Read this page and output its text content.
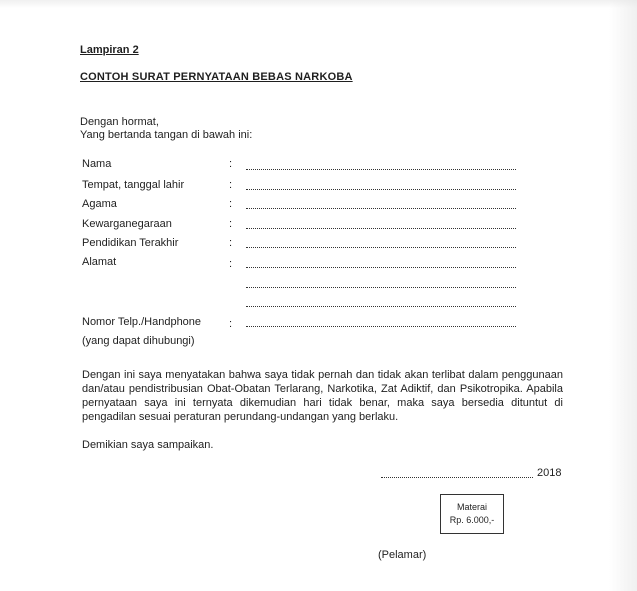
Lampiran 2
CONTOH SURAT PERNYATAAN BEBAS NARKOBA
Dengan hormat,
Yang bertanda tangan di bawah ini:
Nama	:
Tempat, tanggal lahir	:
Agama	:
Kewarganegaraan	:
Pendidikan Terakhir	:
Alamat	:
Nomor Telp./Handphone	:
(yang dapat dihubungi)
Dengan ini saya menyatakan bahwa saya tidak pernah dan tidak akan terlibat dalam penggunaan dan/atau pendistribusian Obat-Obatan Terlarang, Narkotika, Zat Adiktif, dan Psikotropika. Apabila pernyataan saya ini ternyata dikemudian hari tidak benar, maka saya bersedia dituntut di pengadilan sesuai peraturan perundang-undangan yang berlaku.
Demikian saya sampaikan.
2018
Materai
Rp. 6.000,-
(Pelamar)
